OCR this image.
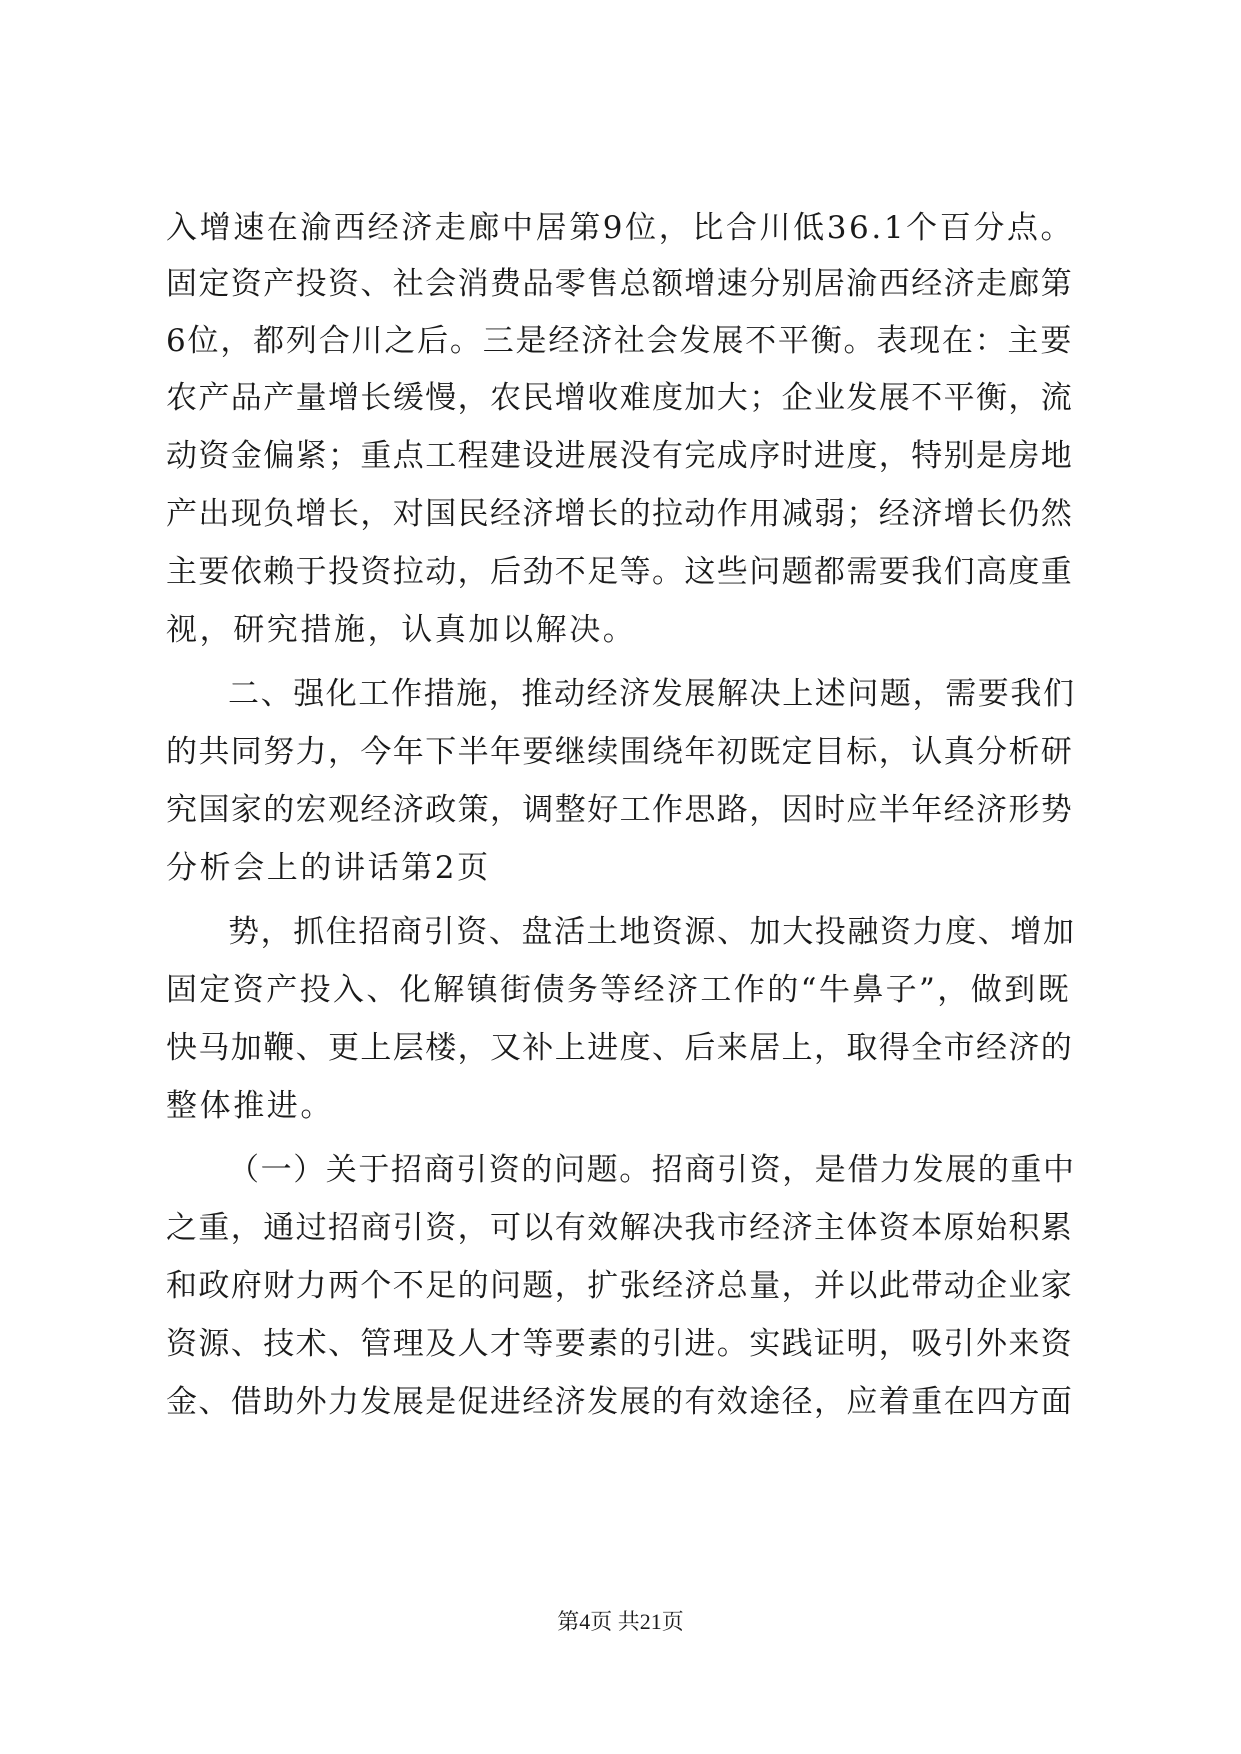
入增速在渝西经济走廊中居第9位，比合川低36.1个百分点。
固定资产投资、社会消费品零售总额增速分别居渝西经济走廊第
6位，都列合川之后。三是经济社会发展不平衡。表现在：主要
农产品产量增长缓慢，农民增收难度加大；企业发展不平衡，流
动资金偏紧；重点工程建设进展没有完成序时进度，特别是房地
产出现负增长，对国民经济增长的拉动作用减弱；经济增长仍然
主要依赖于投资拉动，后劲不足等。这些问题都需要我们高度重
视，研究措施，认真加以解决。
二、强化工作措施，推动经济发展解决上述问题，需要我们
的共同努力，今年下半年要继续围绕年初既定目标，认真分析研
究国家的宏观经济政策，调整好工作思路，因时应半年经济形势
分析会上的讲话第2页
势，抓住招商引资、盘活土地资源、加大投融资力度、增加
固定资产投入、化解镇街债务等经济工作的“牛鼻子”，做到既
快马加鞭、更上层楼，又补上进度、后来居上，取得全市经济的
整体推进。
（一）关于招商引资的问题。招商引资，是借力发展的重中
之重，通过招商引资，可以有效解决我市经济主体资本原始积累
和政府财力两个不足的问题，扩张经济总量，并以此带动企业家
资源、技术、管理及人才等要素的引进。实践证明，吸引外来资
金、借助外力发展是促进经济发展的有效途径，应着重在四方面
第4页 共21页
